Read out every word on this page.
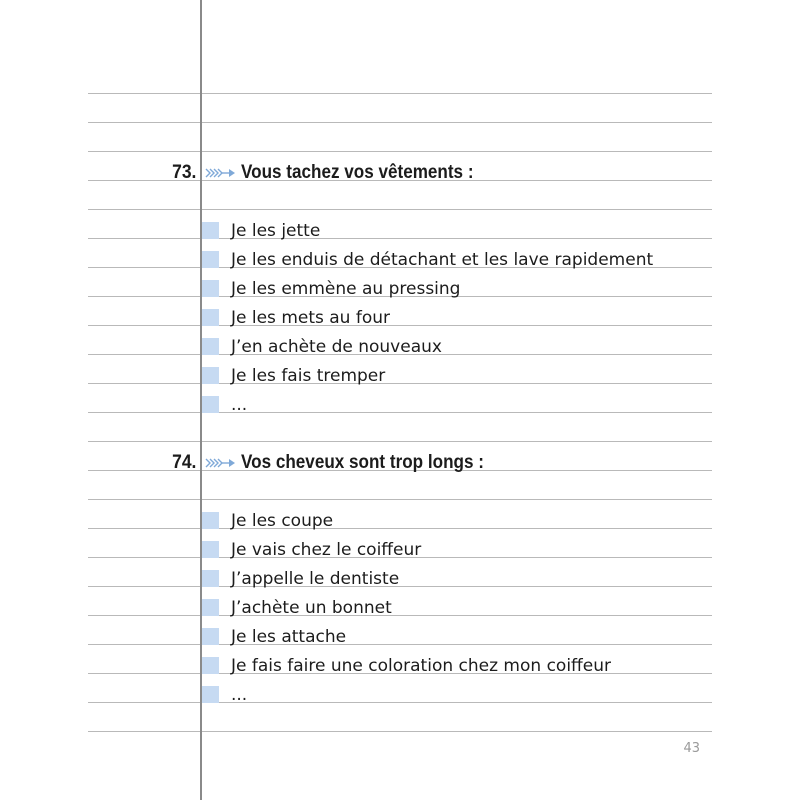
73. Vous tachez vos vêtements :
Je les jette
Je les enduis de détachant et les lave rapidement
Je les emmène au pressing
Je les mets au four
J’en achète de nouveaux
Je les fais tremper
...
74. Vos cheveux sont trop longs :
Je les coupe
Je vais chez le coiffeur
J’appelle le dentiste
J’achète un bonnet
Je les attache
Je fais faire une coloration chez mon coiffeur
...
43
